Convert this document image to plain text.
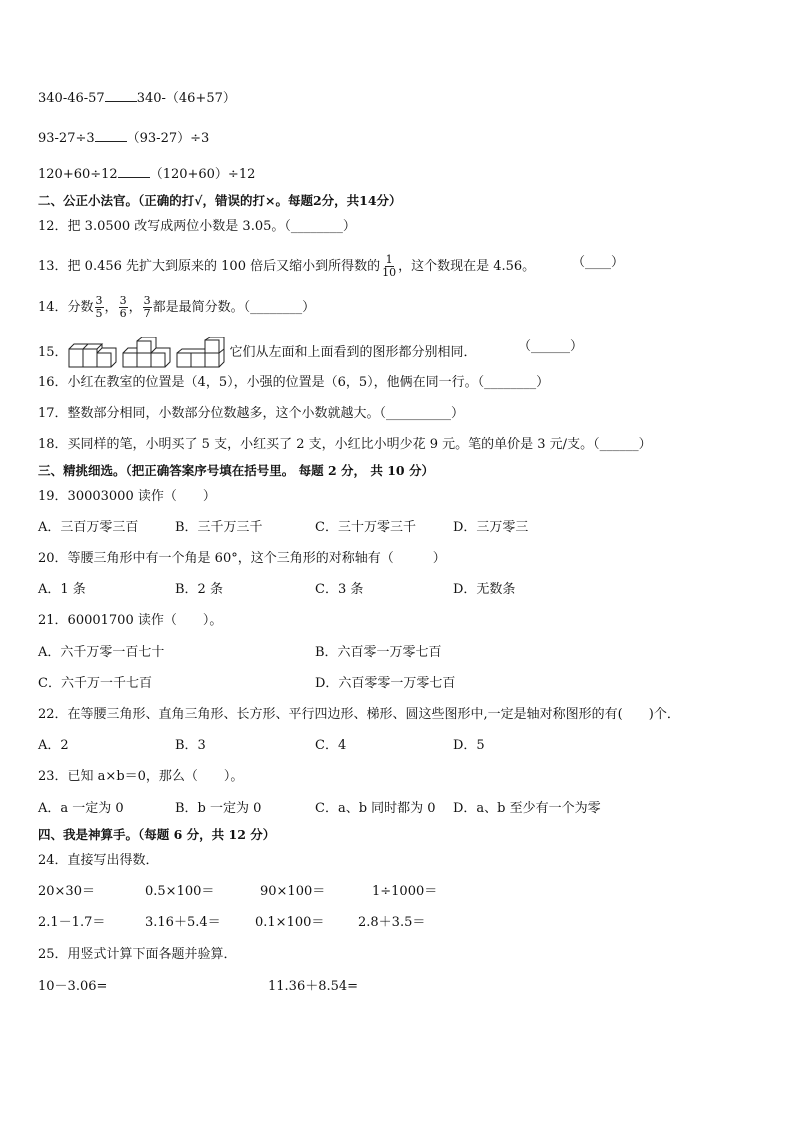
340-46-57 340-（46+57）
93-27÷3 （93-27）÷3
120+60÷12 （120+60）÷12
二、公正小法官。（正确的打√，错误的打×。每题2分，共14分）
12．把 3.0500 改写成两位小数是 3.05。（________）
13．把 0.456 先扩大到原来的 100 倍后又缩小到所得数的 $\frac{1}{10}$ ，这个数现在是 4.56。	（____）
14．分数 $\frac{3}{5}$ ， $\frac{3}{6}$ ， $\frac{3}{7}$ 都是最简分数。（________）
15．	它们从左面和上面看到的图形都分别相同．	（______）
16．小红在教室的位置是（4，5），小强的位置是（6，5），他俩在同一行。（________）
17．整数部分相同，小数部分位数越多，这个小数就越大。（__________）
18．买同样的笔，小明买了 5 支，小红买了 2 支，小红比小明少花 9 元。笔的单价是 3 元/支。（______）
三、精挑细选。（把正确答案序号填在括号里。 每题 2 分， 共 10 分）
19．30003000 读作（　　）
A．三百万零三百	B．三千万三千	C．三十万零三千	D．三万零三
20．等腰三角形中有一个角是 60°，这个三角形的对称轴有（　　　）
A．1 条	B．2 条	C．3 条	D．无数条
21．60001700 读作（　　）。
A．六千万零一百七十	B．六百零一万零七百
C．六千万一千七百	D．六百零零一万零七百
22．在等腰三角形、直角三角形、长方形、平行四边形、梯形、圆这些图形中,一定是轴对称图形的有(　　)个．
A．2	B．3	C．4	D．5
23．已知 a×b＝0，那么（　　）。
A．a 一定为 0	B．b 一定为 0	C．a、b 同时都为 0 D．a、b 至少有一个为零
四、我是神算手。（每题 6 分，共 12 分）
24．直接写出得数．
20×30＝	0.5×100＝	90×100＝	1÷1000＝
2.1－1.7＝	3.16＋5.4＝	0.1×100＝	2.8＋3.5＝
25．用竖式计算下面各题并验算．
10－3.06=	11.36＋8.54=
